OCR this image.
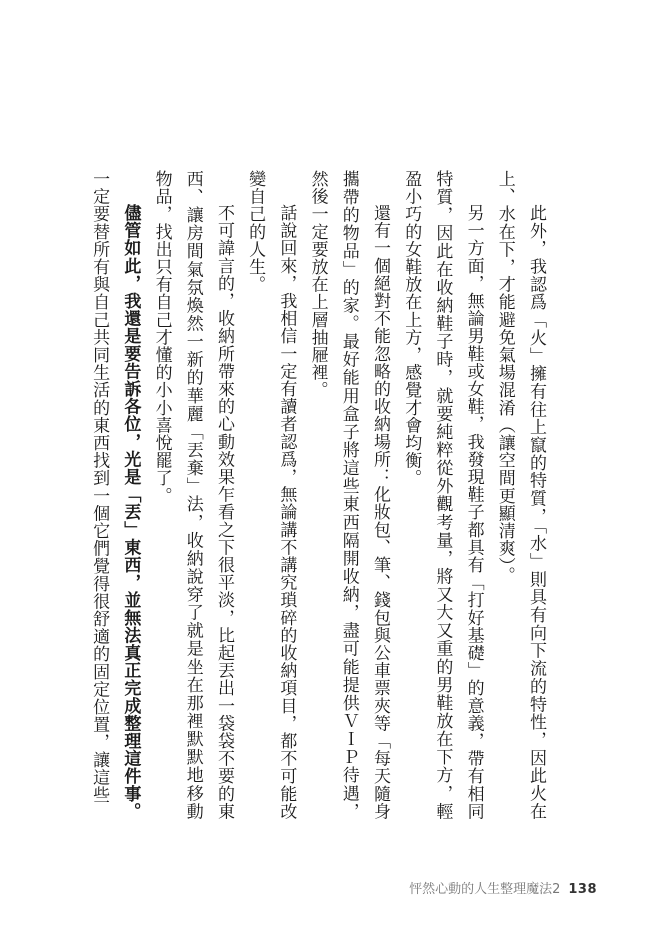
此外，我認爲「火」擁有往上竄的特質，「水」則具有向下流的特性，因此火在上、水在下，才能避免氣場混淆（讓空間更顯清爽）。

另一方面，無論男鞋或女鞋，我發現鞋子都具有「打好基礎」的意義，帶有相同特質，因此在收納鞋子時，就要純粹從外觀考量，將又大又重的男鞋放在下方，輕盈小巧的女鞋放在上方，感覺才會均衡。

還有一個絕對不能忽略的收納場所：化妝包、筆、錢包與公車票夾等「每天隨身攜帶的物品」的家。最好能用盒子將這些東西隔開收納，盡可能提供ＶＩＰ待遇，然後一定要放在上層抽屜裡。

話說回來，我相信一定有讀者認爲，無論講不講究瑣碎的收納項目，都不可能改變自己的人生。

不可諱言的，收納所帶來的心動效果乍看之下很平淡，比起丟出一袋袋不要的東西、讓房間氣氛煥然一新的華麗「丟棄」法，收納說穿了就是坐在那裡默默地移動物品，找出只有自己才懂的小小喜悅罷了。

儘管如此，我還是要告訴各位，光是「丟」東西，並無法真正完成整理這件事。

一定要替所有與自己共同生活的東西找到一個它們覺得很舒適的固定位置，讓這些

怦然心動的人生整理魔法2 138
